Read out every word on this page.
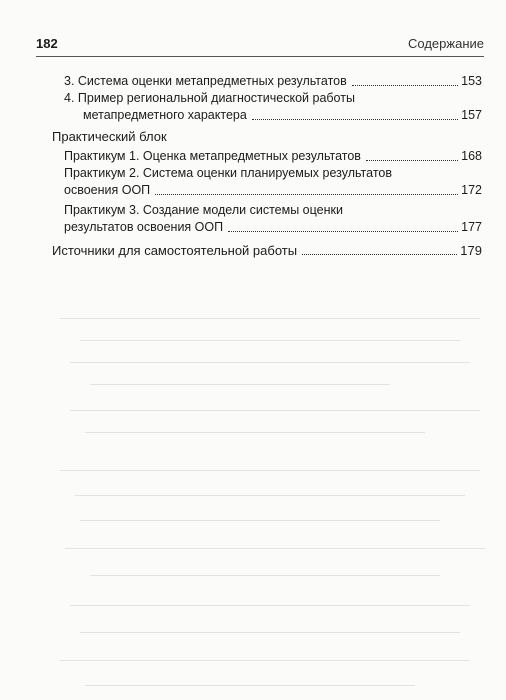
182	Содержание
3. Система оценки метапредметных результатов	153
4. Пример региональной диагностической работы
метапредметного характера	157
Практический блок
Практикум 1. Оценка метапредметных результатов	168
Практикум 2. Система оценки планируемых результатов
освоения ООП	172
Практикум 3. Создание модели системы оценки
результатов освоения ООП	177
Источники для самостоятельной работы	179
